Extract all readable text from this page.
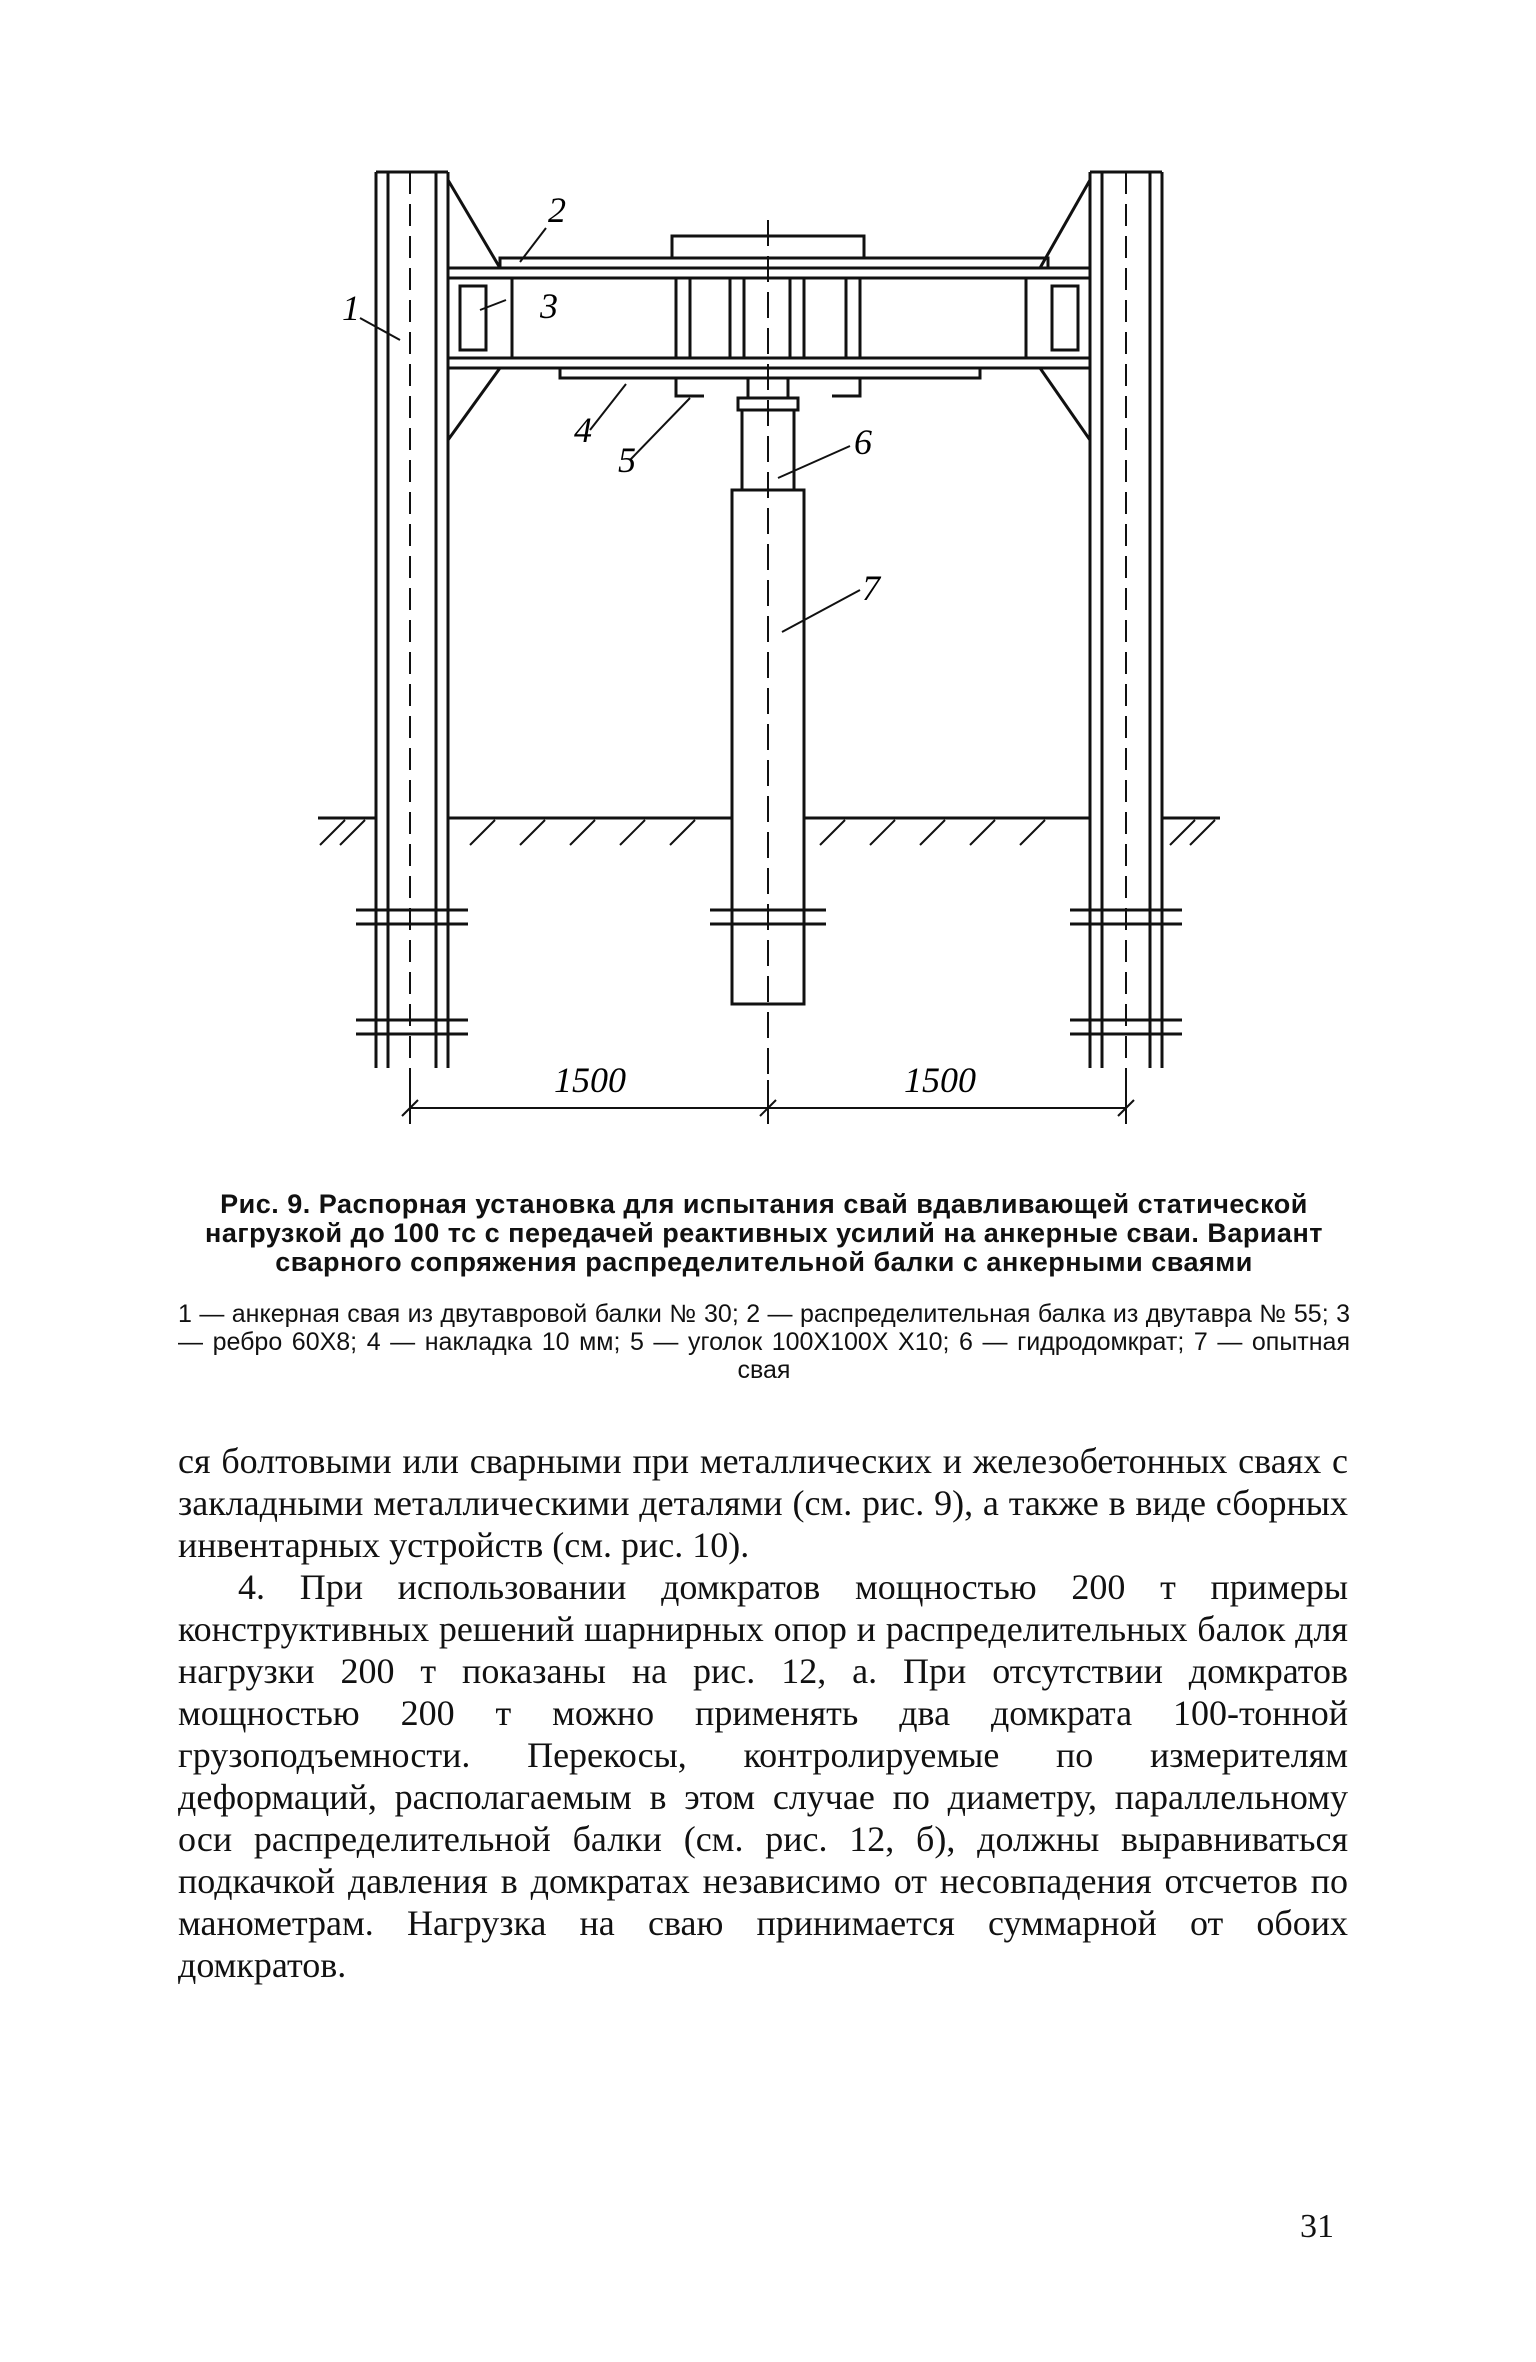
1
2
3
4
5	6
7
1500	1500
Рис. 9. Распорная установка для испытания свай вдавливающей статической нагрузкой до 100 тс с передачей реактивных усилий на анкерные сваи. Вариант сварного сопряжения распределительной балки с анкерными сваями
1 — анкерная свая из двутавровой балки № 30; 2 — распределительная балка из двутавра № 55; 3 — ребро 60Х8; 4 — накладка 10 мм; 5 — уголок 100Х100Х Х10; 6 — гидродомкрат; 7 — опытная свая

ся болтовыми или сварными при металлических и железобетонных сваях с закладными металлическими деталями (см. рис. 9), а также в виде сборных инвентарных устройств (см. рис. 10).

4. При использовании домкратов мощностью 200 т примеры конструктивных решений шарнирных опор и распределительных балок для нагрузки 200 т показаны на рис. 12, а. При отсутствии домкратов мощностью 200 т можно применять два домкрата 100-тонной грузоподъемности. Перекосы, контролируемые по измерителям деформаций, располагаемым в этом случае по диаметру, параллельному оси распределительной балки (см. рис. 12, б), должны выравниваться подкачкой давления в домкратах независимо от несовпадения отсчетов по манометрам. Нагрузка на сваю принимается суммарной от обоих домкратов.

31
